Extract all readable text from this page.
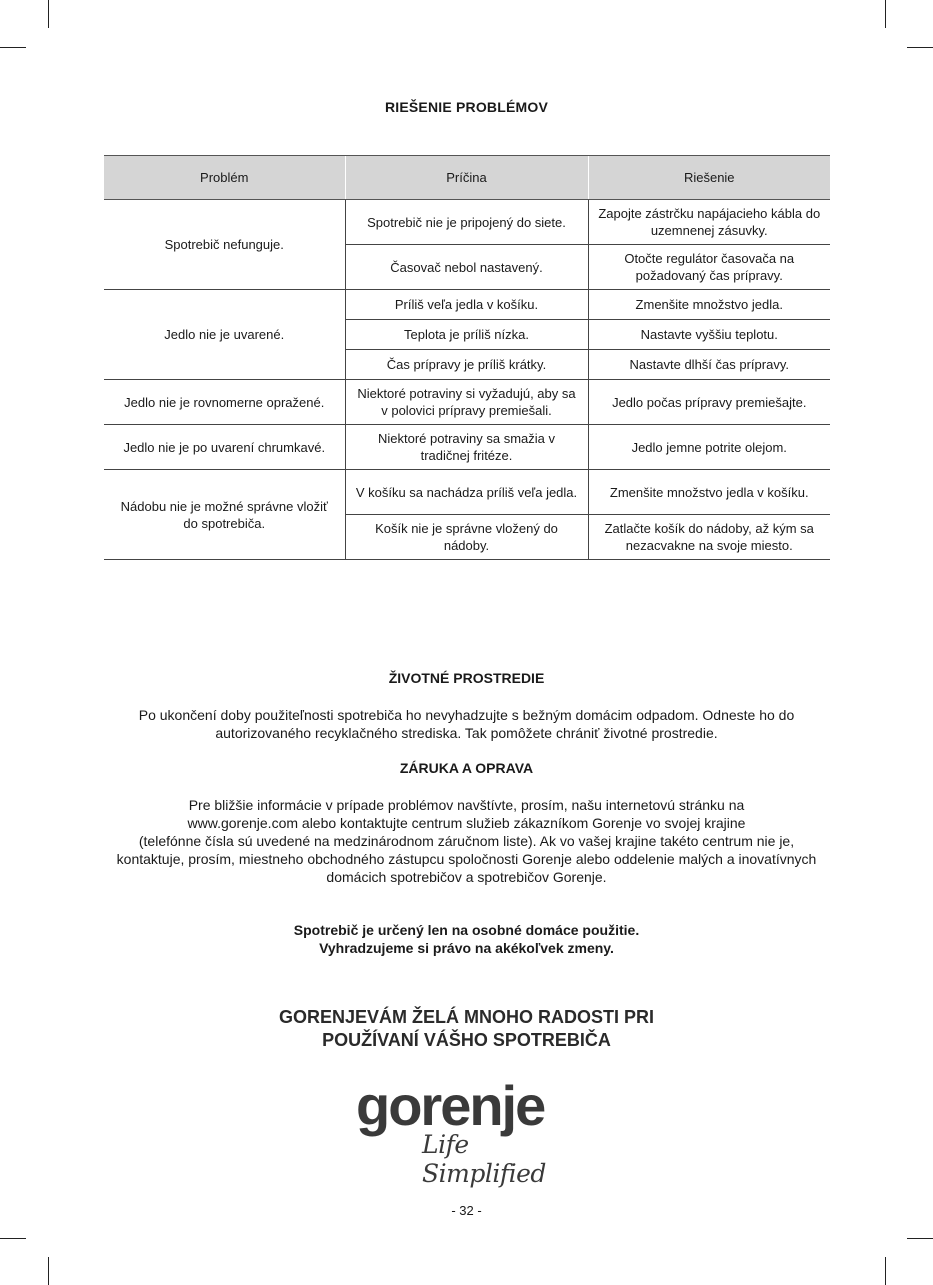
RIEŠENIE PROBLÉMOV
Problém	Príčina	Riešenie
Spotrebič nefunguje.	Spotrebič nie je pripojený do siete.	Zapojte zástrčku napájacieho kábla do uzemnenej zásuvky.
	Časovač nebol nastavený.	Otočte regulátor časovača na požadovaný čas prípravy.
Jedlo nie je uvarené.	Príliš veľa jedla v košíku.	Zmenšite množstvo jedla.
	Teplota je príliš nízka.	Nastavte vyššiu teplotu.
	Čas prípravy je príliš krátky.	Nastavte dlhší čas prípravy.
Jedlo nie je rovnomerne opražené.	Niektoré potraviny si vyžadujú, aby sa v polovici prípravy premiešali.	Jedlo počas prípravy premiešajte.
Jedlo nie je po uvarení chrumkavé.	Niektoré potraviny sa smažia v tradičnej fritéze.	Jedlo jemne potrite olejom.
Nádobu nie je možné správne vložiť do spotrebiča.	V košíku sa nachádza príliš veľa jedla.	Zmenšite množstvo jedla v košíku.
	Košík nie je správne vložený do nádoby.	Zatlačte košík do nádoby, až kým sa nezacvakne na svoje miesto.
ŽIVOTNÉ PROSTREDIE
Po ukončení doby použiteľnosti spotrebiča ho nevyhadzujte s bežným domácim odpadom. Odneste ho do
autorizovaného recyklačného strediska. Tak pomôžete chrániť životné prostredie.
ZÁRUKA A OPRAVA
Pre bližšie informácie v prípade problémov navštívte, prosím, našu internetovú stránku na
www.gorenje.com alebo kontaktujte centrum služieb zákazníkom Gorenje vo svojej krajine
(telefónne čísla sú uvedené na medzinárodnom záručnom liste). Ak vo vašej krajine takéto centrum nie je,
kontaktuje, prosím, miestneho obchodného zástupcu spoločnosti Gorenje alebo oddelenie malých a inovatívnych
domácich spotrebičov a spotrebičov Gorenje.
Spotrebič je určený len na osobné domáce použitie.
Vyhradzujeme si právo na akékoľvek zmeny.
GORENJEVÁM ŽELÁ MNOHO RADOSTI PRI
POUŽÍVANÍ VÁŠHO SPOTREBIČA
gorenje
Life Simplified
- 32 -
